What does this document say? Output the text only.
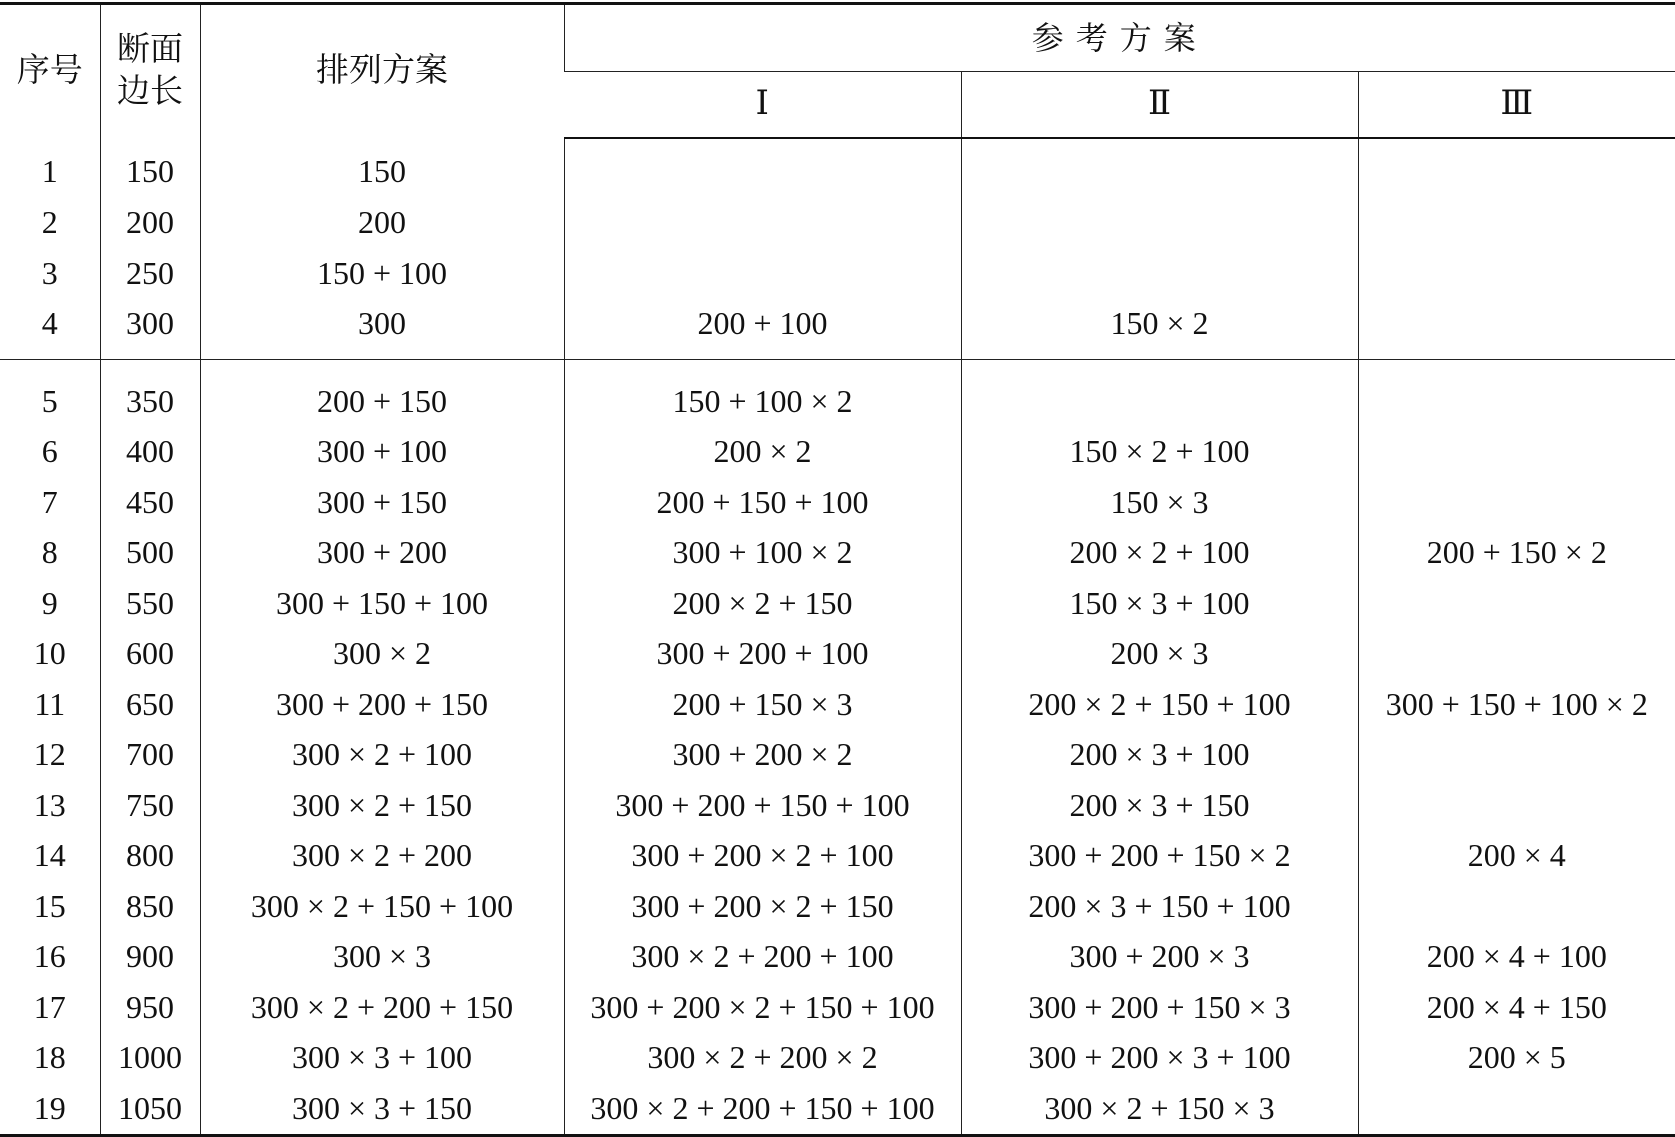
序号	断面
边长	排列方案	参考方案		
			Ⅰ	Ⅱ	Ⅲ
1	150	150			
2	200	200			
3	250	150 + 100			
4	300	300	200 + 100	150 × 2	
5	350	200 + 150	150 + 100 × 2		
6	400	300 + 100	200 × 2	150 × 2 + 100	
7	450	300 + 150	200 + 150 + 100	150 × 3	
8	500	300 + 200	300 + 100 × 2	200 × 2 + 100	200 + 150 × 2
9	550	300 + 150 + 100	200 × 2 + 150	150 × 3 + 100	
10	600	300 × 2	300 + 200 + 100	200 × 3	
11	650	300 + 200 + 150	200 + 150 × 3	200 × 2 + 150 + 100	300 + 150 + 100 × 2
12	700	300 × 2 + 100	300 + 200 × 2	200 × 3 + 100	
13	750	300 × 2 + 150	300 + 200 + 150 + 100	200 × 3 + 150	
14	800	300 × 2 + 200	300 + 200 × 2 + 100	300 + 200 + 150 × 2	200 × 4
15	850	300 × 2 + 150 + 100	300 + 200 × 2 + 150	200 × 3 + 150 + 100	
16	900	300 × 3	300 × 2 + 200 + 100	300 + 200 × 3	200 × 4 + 100
17	950	300 × 2 + 200 + 150	300 + 200 × 2 + 150 + 100	300 + 200 + 150 × 3	200 × 4 + 150
18	1000	300 × 3 + 100	300 × 2 + 200 × 2	300 + 200 × 3 + 100	200 × 5
19	1050	300 × 3 + 150	300 × 2 + 200 + 150 + 100	300 × 2 + 150 × 3	
